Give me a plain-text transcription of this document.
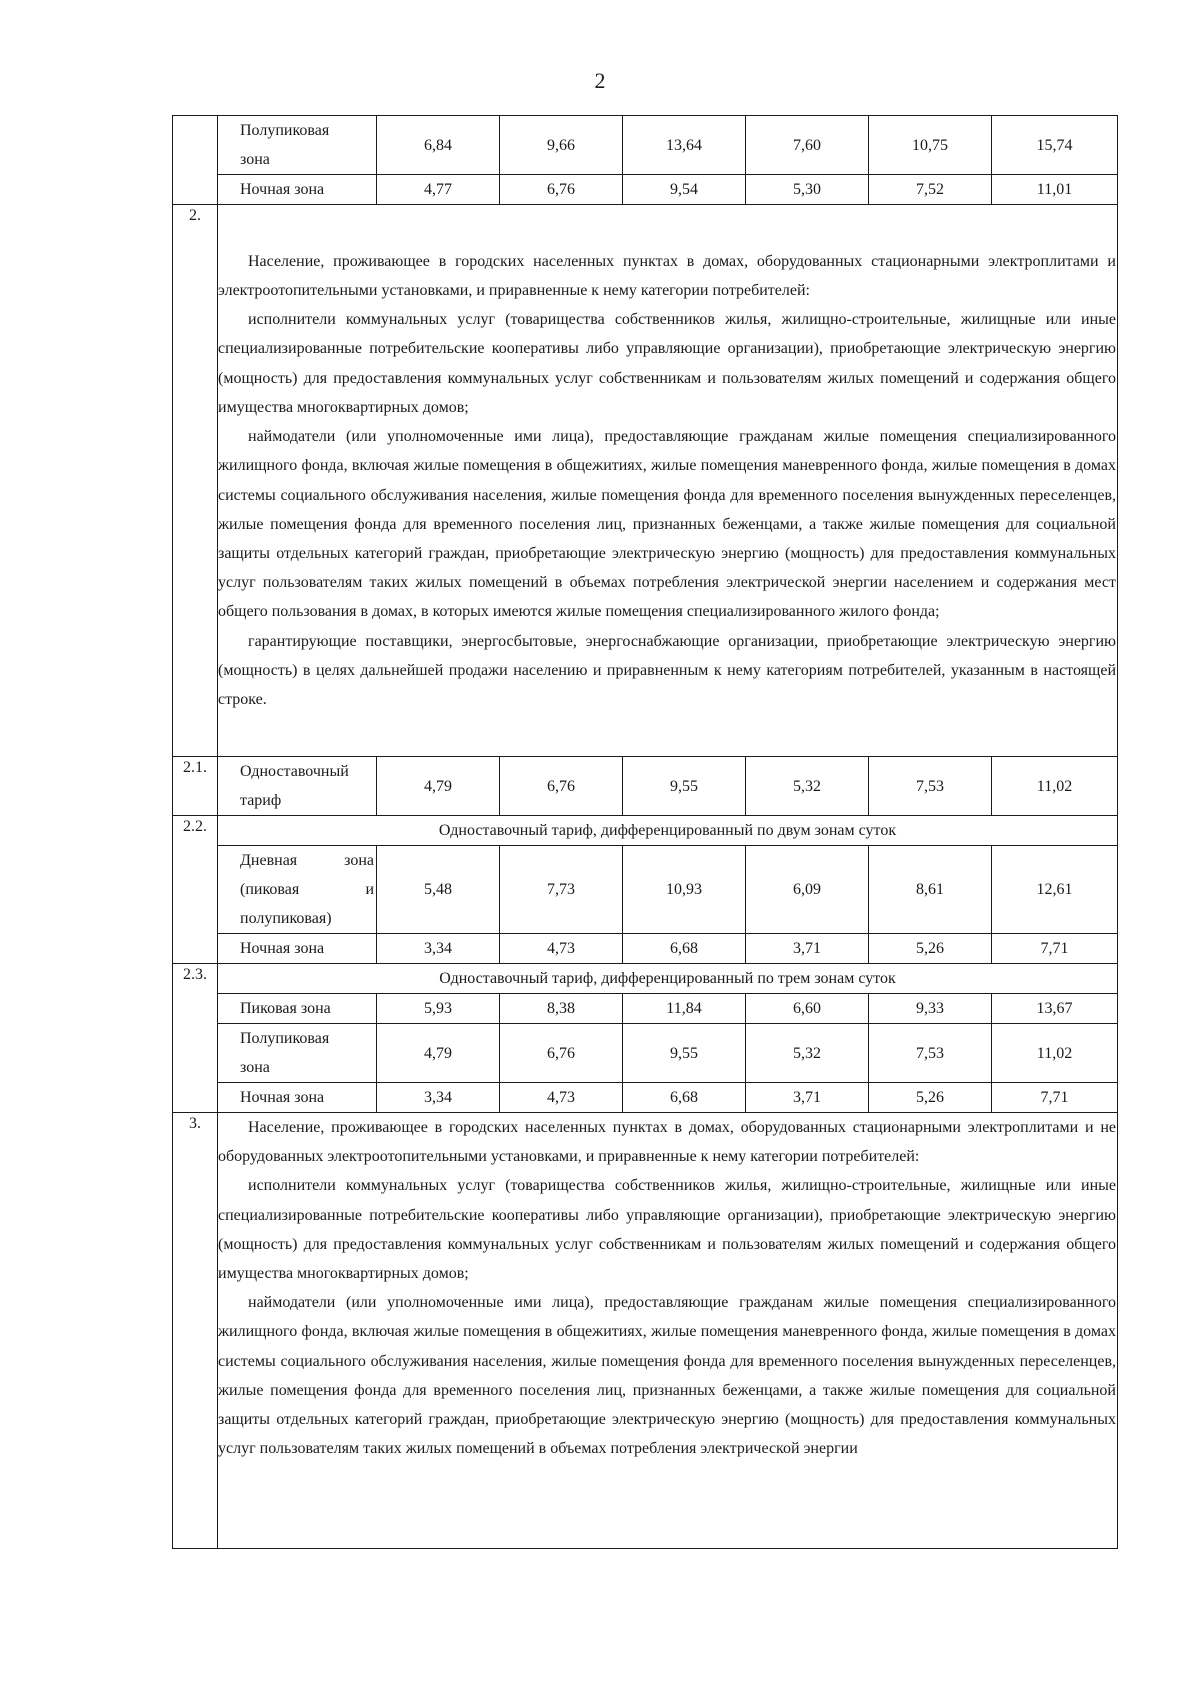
2

	Полупиковая
зона	6,84	9,66	13,64	7,60	10,75	15,74
	Ночная зона	4,77	6,76	9,54	5,30	7,52	11,01
2.	Население, проживающее в городских населенных пунктах в домах, оборудованных стационарными электроплитами и электроотопительными установками, и приравненные к нему категории потребителей:

исполнители коммунальных услуг (товарищества собственников жилья, жилищно-строительные, жилищные или иные специализированные потребительские кооперативы либо управляющие организации), приобретающие электрическую энергию (мощность) для предоставления коммунальных услуг собственникам и пользователям жилых помещений и содержания общего имущества многоквартирных домов;

наймодатели (или уполномоченные ими лица), предоставляющие гражданам жилые помещения специализированного жилищного фонда, включая жилые помещения в общежитиях, жилые помещения маневренного фонда, жилые помещения в домах системы социального обслуживания населения, жилые помещения фонда для временного поселения вынужденных переселенцев, жилые помещения фонда для временного поселения лиц, признанных беженцами, а также жилые помещения для социальной защиты отдельных категорий граждан, приобретающие электрическую энергию (мощность) для предоставления коммунальных услуг пользователям таких жилых помещений в объемах потребления электрической энергии населением и содержания мест общего пользования в домах, в которых имеются жилые помещения специализированного жилого фонда;

гарантирующие поставщики, энергосбытовые, энергоснабжающие организации, приобретающие электрическую энергию (мощность) в целях дальнейшей продажи населению и приравненным к нему категориям потребителей, указанным в настоящей строке.						

2.1.	Одноставочный
тариф	4,79	6,76	9,55	5,32	7,53	11,02
2.2.	Одноставочный тариф, дифференцированный по двум зонам суток						

	Дневная зона
(пиковая и
полупиковая)	5,48	7,73	10,93	6,09	8,61	12,61
	Ночная зона	3,34	4,73	6,68	3,71	5,26	7,71
2.3.	Одноставочный тариф, дифференцированный по трем зонам суток						
	Пиковая зона	5,93	8,38	11,84	6,60	9,33	13,67

	Полупиковая
зона	4,79	6,76	9,55	5,32	7,53	11,02
	Ночная зона	3,34	4,73	6,68	3,71	5,26	7,71
3.	Население, проживающее в городских населенных пунктах в домах, оборудованных стационарными электроплитами и не оборудованных электроотопительными установками, и приравненные к нему категории потребителей:

исполнители коммунальных услуг (товарищества собственников жилья, жилищно-строительные, жилищные или иные специализированные потребительские кооперативы либо управляющие организации), приобретающие электрическую энергию (мощность) для предоставления коммунальных услуг собственникам и пользователям жилых помещений и содержания общего имущества многоквартирных домов;

наймодатели (или уполномоченные ими лица), предоставляющие гражданам жилые помещения специализированного жилищного фонда, включая жилые помещения в общежитиях, жилые помещения маневренного фонда, жилые помещения в домах системы социального обслуживания населения, жилые помещения фонда для временного поселения вынужденных переселенцев, жилые помещения фонда для временного поселения лиц, признанных беженцами, а также жилые помещения для социальной защиты отдельных категорий граждан, приобретающие электрическую энергию (мощность) для предоставления коммунальных услуг пользователям таких жилых помещений в объемах потребления электрической энергии						
